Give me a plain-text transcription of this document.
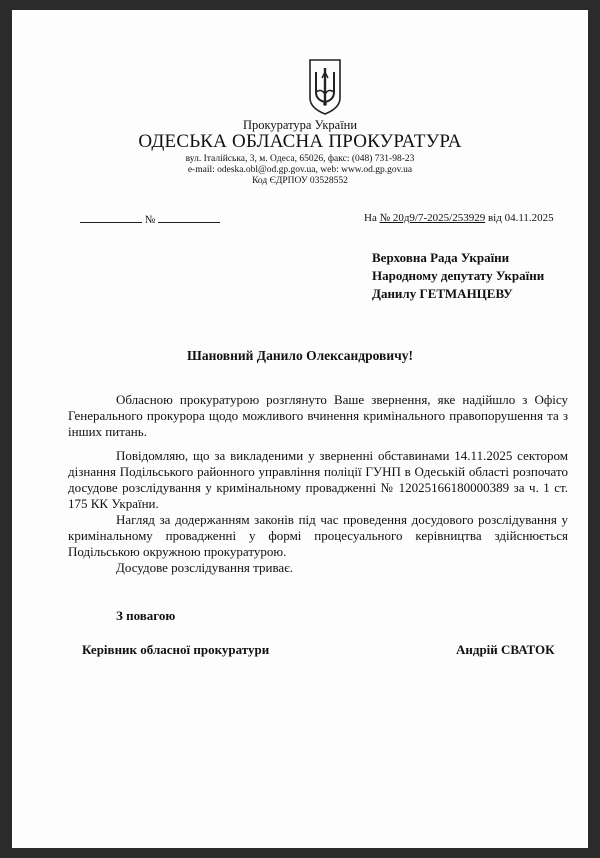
Прокуратура України
ОДЕСЬКА ОБЛАСНА ПРОКУРАТУРА
вул. Італійська, 3, м. Одеса, 65026, факс: (048) 731-98-23
e-mail: odeska.obl@od.gp.gov.ua, web: www.od.gp.gov.ua
Код ЄДРПОУ 03528552
№	На № 20д9/7-2025/253929 від 04.11.2025
Верховна Рада України
Народному депутату України
Данилу ГЕТМАНЦЕВУ
Шановний Данило Олександровичу!
Обласною прокуратурою розглянуто Ваше звернення, яке надійшло з Офісу Генерального прокурора щодо можливого вчинення кримінального правопорушення та з інших питань.
Повідомляю, що за викладеними у зверненні обставинами 14.11.2025 сектором дізнання Подільського районного управління поліції ГУНП в Одеській області розпочато досудове розслідування у кримінальному провадженні № 12025166180000389 за ч. 1 ст. 175 КК України.
Нагляд за додержанням законів під час проведення досудового розслідування у кримінальному провадженні у формі процесуального керівництва здійснюється Подільською окружною прокуратурою.
Досудове розслідування триває.
З повагою
Керівник обласної прокуратури	Андрій СВАТОК
